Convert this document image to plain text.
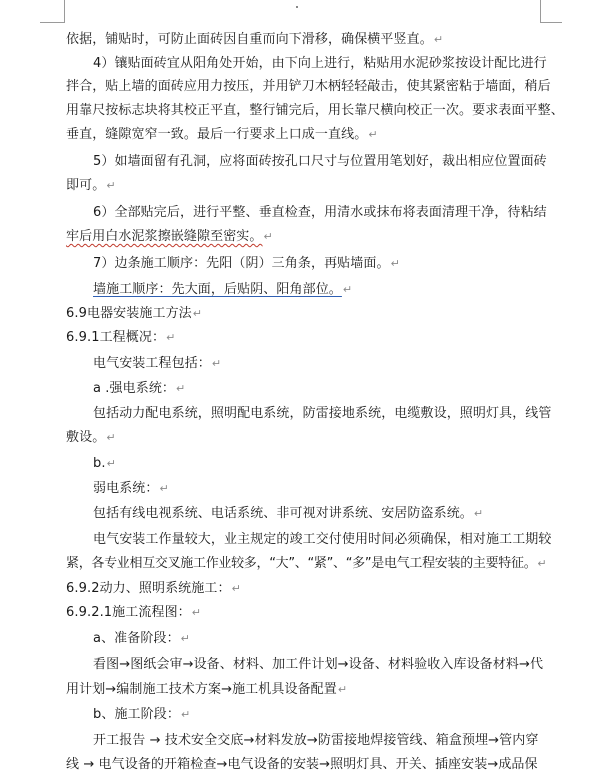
依据，铺贴时，可防止面砖因自重而向下滑移，确保横平竖直。↵
4）镶贴面砖宜从阳角处开始，由下向上进行，粘贴用水泥砂浆按设计配比进行
拌合，贴上墙的面砖应用力按压，并用铲刀木柄轻轻敲击，使其紧密粘于墙面，稍后
用靠尺按标志块将其校正平直，整行铺完后，用长靠尺横向校正一次。要求表面平整、
垂直，缝隙宽窄一致。最后一行要求上口成一直线。↵
5）如墙面留有孔洞，应将面砖按孔口尺寸与位置用笔划好，裁出相应位置面砖
即可。↵
6）全部贴完后，进行平整、垂直检查，用清水或抹布将表面清理干净，待粘结
牢后用白水泥浆擦嵌缝隙至密实。↵
7）边条施工顺序：先阳（阴）三角条，再贴墙面。↵
墙施工顺序：先大面，后贴阴、阳角部位。↵
6.9电器安装施工方法↵
6.9.1工程概况：↵
电气安装工程包括：↵
a .强电系统：↵
包括动力配电系统，照明配电系统，防雷接地系统，电缆敷设，照明灯具，线管
敷设。↵
b.↵
弱电系统：↵
包括有线电视系统、电话系统、非可视对讲系统、安居防盗系统。↵
电气安装工作量较大，业主规定的竣工交付使用时间必须确保，相对施工工期较
紧，各专业相互交叉施工作业较多，“大”、“紧”、“多”是电气工程安装的主要特征。↵
6.9.2动力、照明系统施工：↵
6.9.2.1施工流程图：↵
a、准备阶段：↵
看图→图纸会审→设备、材料、加工件计划→设备、材料验收入库设备材料→代
用计划→编制施工技术方案→施工机具设备配置↵
b、施工阶段：↵
开工报告 → 技术安全交底→材料发放→防雷接地焊接管线、箱盒预埋→管内穿
线 → 电气设备的开箱检查→电气设备的安装→照明灯具、开关、插座安装→成品保
